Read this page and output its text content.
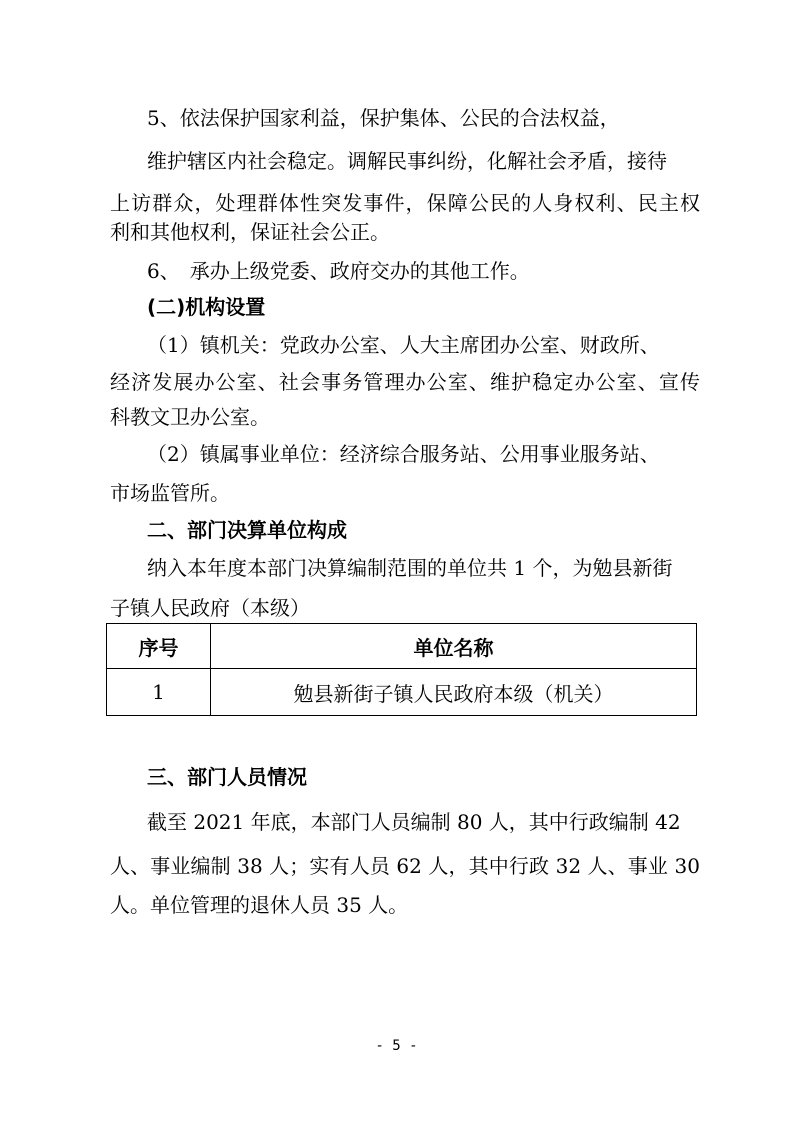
5、依法保护国家利益，保护集体、公民的合法权益，
维护辖区内社会稳定。调解民事纠纷，化解社会矛盾，接待
上访群众，处理群体性突发事件，保障公民的人身权利、民主权
利和其他权利，保证社会公正。
6、　承办上级党委、政府交办的其他工作。
(二)机构设置
（1）镇机关：党政办公室、人大主席团办公室、财政所、
经济发展办公室、社会事务管理办公室、维护稳定办公室、宣传
科教文卫办公室。
（2）镇属事业单位：经济综合服务站、公用事业服务站、
市场监管所。
二、部门决算单位构成
纳入本年度本部门决算编制范围的单位共 1 个，为勉县新街
子镇人民政府（本级）
序号	单位名称
1	勉县新街子镇人民政府本级（机关）
三、部门人员情况
截至 2021 年底，本部门人员编制 80 人，其中行政编制 42
人、事业编制 38 人；实有人员 62 人，其中行政 32 人、事业 30
人。单位管理的退休人员 35 人。
- 5 -
